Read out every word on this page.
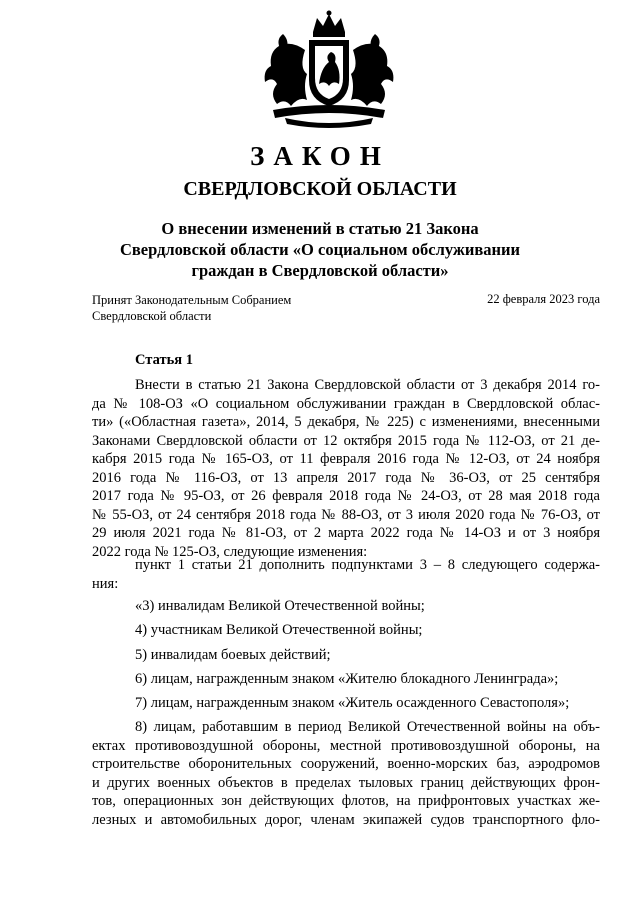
ЗАКОН
СВЕРДЛОВСКОЙ ОБЛАСТИ
О внесении изменений в статью 21 Закона
Свердловской области «О социальном обслуживании
граждан в Свердловской области»
Принят Законодательным Собранием
Свердловской области
22 февраля 2023 года
Статья 1
Внести в статью 21 Закона Свердловской области от 3 декабря 2014 го-
да № 108-ОЗ «О социальном обслуживании граждан в Свердловской облас-
ти» («Областная газета», 2014, 5 декабря, № 225) с изменениями, внесенными
Законами Свердловской области от 12 октября 2015 года № 112-ОЗ, от 21 де-
кабря 2015 года № 165-ОЗ, от 11 февраля 2016 года № 12-ОЗ, от 24 ноября
2016 года № 116-ОЗ, от 13 апреля 2017 года № 36-ОЗ, от 25 сентября
2017 года № 95-ОЗ, от 26 февраля 2018 года № 24-ОЗ, от 28 мая 2018 года
№ 55-ОЗ, от 24 сентября 2018 года № 88-ОЗ, от 3 июля 2020 года № 76-ОЗ, от
29 июля 2021 года № 81-ОЗ, от 2 марта 2022 года № 14-ОЗ и от 3 ноября
2022 года № 125-ОЗ, следующие изменения:
пункт 1 статьи 21 дополнить подпунктами 3 – 8 следующего содержа-
ния:
«3) инвалидам Великой Отечественной войны;
4) участникам Великой Отечественной войны;
5) инвалидам боевых действий;
6) лицам, награжденным знаком «Жителю блокадного Ленинграда»;
7) лицам, награжденным знаком «Житель осажденного Севастополя»;
8) лицам, работавшим в период Великой Отечественной войны на объ-
ектах противовоздушной обороны, местной противовоздушной обороны, на
строительстве оборонительных сооружений, военно-морских баз, аэродромов
и других военных объектов в пределах тыловых границ действующих фрон-
тов, операционных зон действующих флотов, на прифронтовых участках же-
лезных и автомобильных дорог, членам экипажей судов транспортного фло-
